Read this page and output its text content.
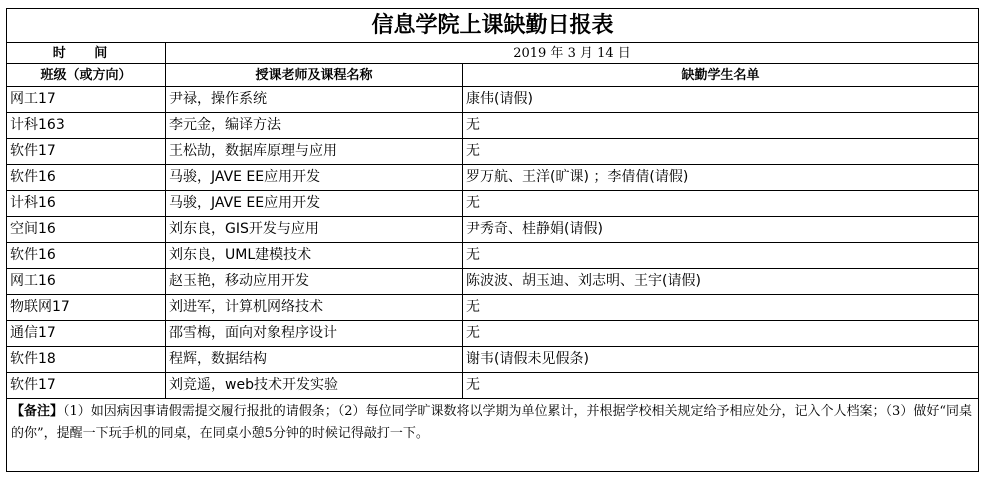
信息学院上课缺勤日报表		
时 间	2019 年 3 月 14 日	
班级（或方向）	授课老师及课程名称	缺勤学生名单
网工17	尹禄，操作系统	康伟(请假)
计科163	李元金，编译方法	无
软件17	王松劼，数据库原理与应用	无
软件16	马骏，JAVE EE应用开发	罗万航、王洋(旷课) ；李倩倩(请假)
计科16	马骏，JAVE EE应用开发	无
空间16	刘东良，GIS开发与应用	尹秀奇、桂静娟(请假)
软件16	刘东良，UML建模技术	无
网工16	赵玉艳，移动应用开发	陈波波、胡玉迪、刘志明、王宇(请假)
物联网17	刘进军，计算机网络技术	无
通信17	邵雪梅，面向对象程序设计	无
软件18	程辉，数据结构	谢韦(请假未见假条)
软件17	刘竞遥，web技术开发实验	无
【备注】（1）如因病因事请假需提交履行报批的请假条；（2）每位同学旷课数将以学期为单位累计，并根据学校相关规定给予相应处分，记入个人档案；（3）做好“同桌的你”，提醒一下玩手机的同桌，在同桌小憩5分钟的时候记得敲打一下。		
